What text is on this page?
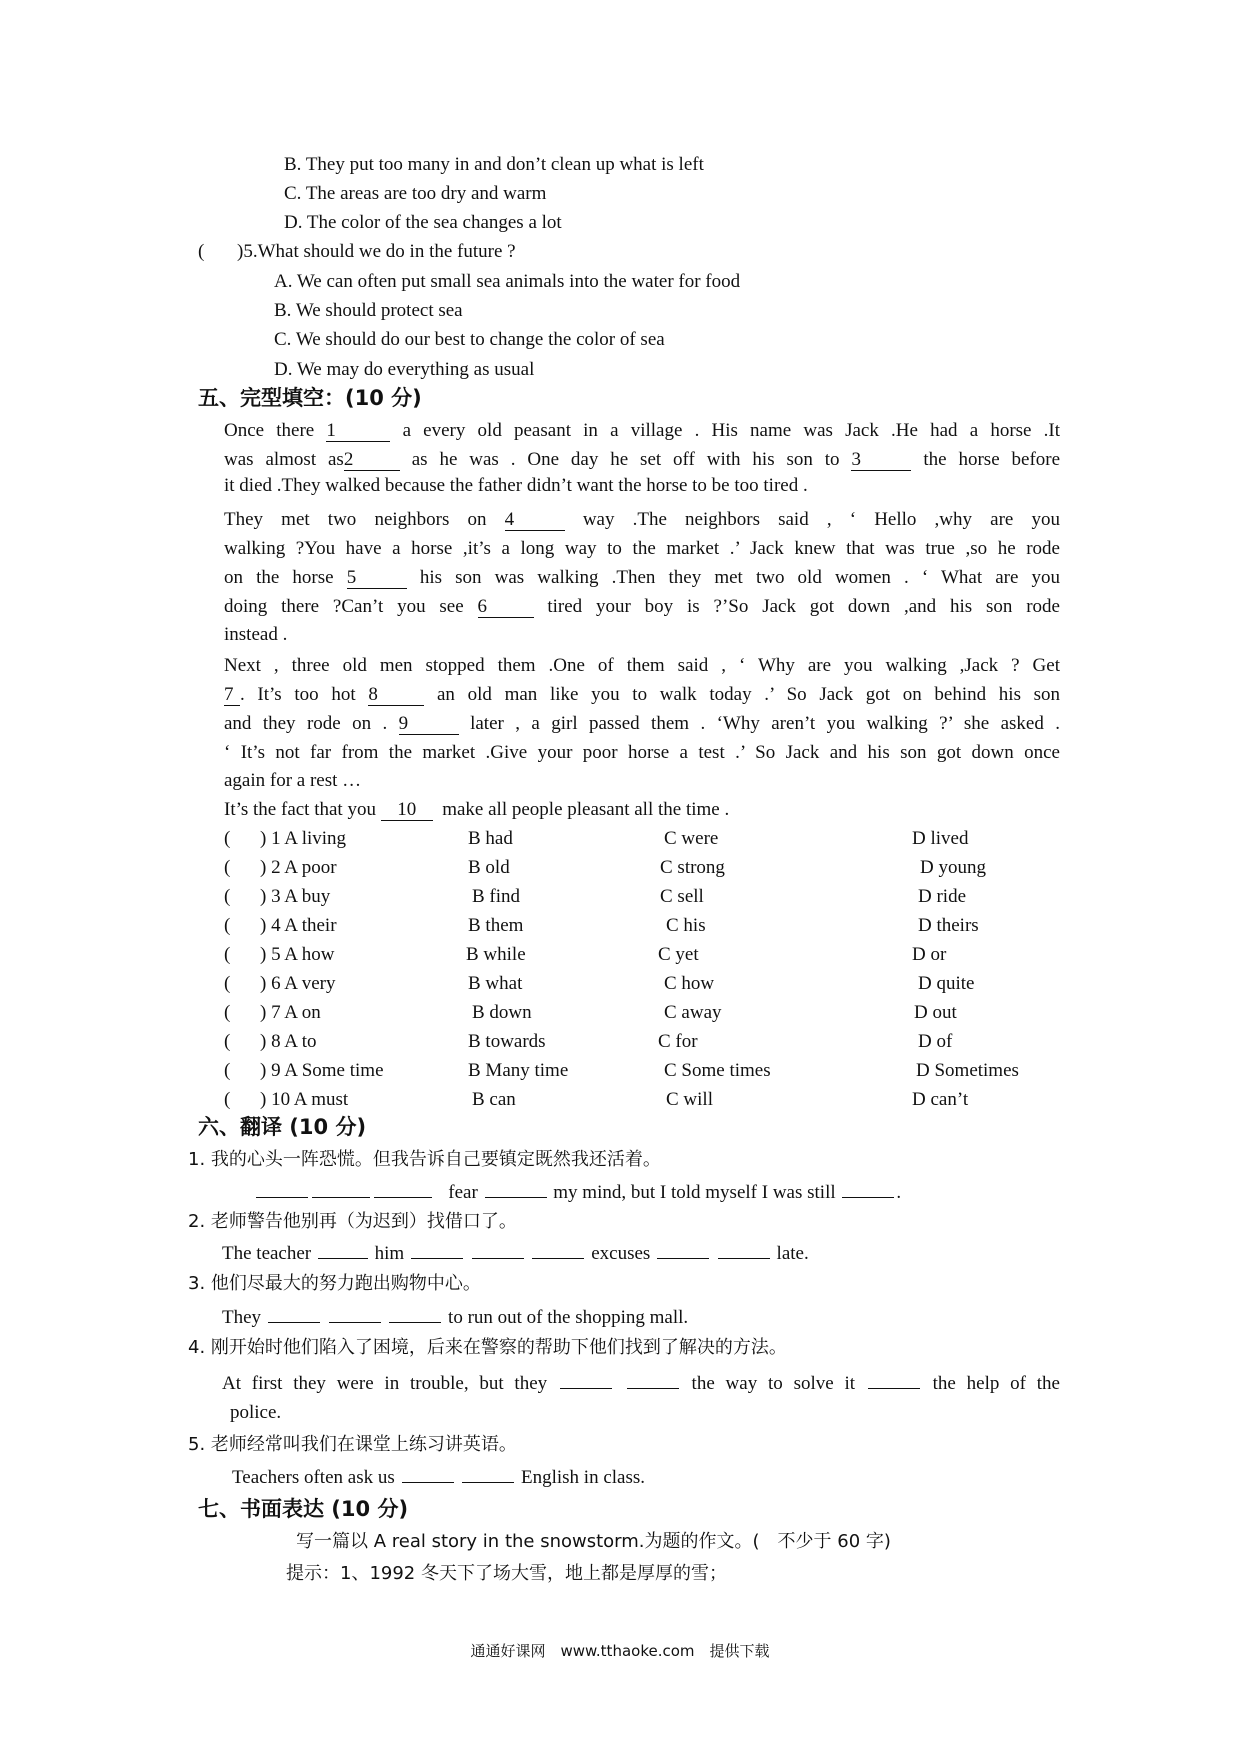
B. They put too many in and don’t clean up what is left
C. The areas are too dry and warm
D. The color of the sea changes a lot
( )5.What should we do in the future ?
A. We can often put small sea animals into the water for food
B. We should protect sea
C. We should do our best to change the color of sea
D. We may do everything as usual
五、完型填空：(10 分)
Once there 1	a every old peasant in a village . His name was Jack .He had a horse .It
was almost as2	as he was . One day he set off with his son to 3	the horse before
it died .They walked because the father didn’t want the horse to be too tired .
They met two neighbors on 4	way .The neighbors said , ‘ Hello ,why are you
walking ?You have a horse ,it’s a long way to the market .’ Jack knew that was true ,so he rode
on the horse 5	his son was walking .Then they met two old women . ‘ What are you
doing there ?Can’t you see 6	tired your boy is ?’So Jack got down ,and his son rode
instead .
Next , three old men stopped them .One of them said , ‘ Why are you walking ,Jack ? Get
7 . It’s too hot 8	an old man like you to walk today .’ So Jack got on behind his son
and they rode on . 9	later , a girl passed them . ‘Why aren’t you walking ?’ she asked .
‘ It’s not far from the market .Give your poor horse a test .’ So Jack and his son got down once
again for a rest …
It’s the fact that you 10 make all people pleasant all the time .
( ) 1 A living	B had	C were	D lived
( ) 2 A poor	B old	C strong	D young
( ) 3 A buy	B find	C sell	D ride
( ) 4 A their	B them	C his	D theirs
( ) 5 A how	B while	C yet	D or
( ) 6 A very	B what	C how	D quite
( ) 7 A on	B down	C away	D out
( ) 8 A to	B towards	C for	D of
( ) 9 A Some time	B Many time	C Some times	D Sometimes
( ) 10 A must	B can	C will	D can’t
六、翻译 (10 分)
1. 我的心头一阵恐慌。但我告诉自己要镇定既然我还活着。
fear	my mind, but I told myself I was still	.
2. 老师警告他别再（为迟到）找借口了。
The teacher	him	excuses	late.
3. 他们尽最大的努力跑出购物中心。
They	to run out of the shopping mall.
4. 刚开始时他们陷入了困境，后来在警察的帮助下他们找到了解决的方法。
At first they were in trouble, but they	the way to solve it	the help of the
police.
5. 老师经常叫我们在课堂上练习讲英语。
Teachers often ask us	English in class.
七、书面表达 (10 分)
写一篇以 A real story in the snowstorm.为题的作文。(　不少于 60 字)
提示：1、1992 冬天下了场大雪，地上都是厚厚的雪；
通通好课网　www.tthaoke.com　提供下载
